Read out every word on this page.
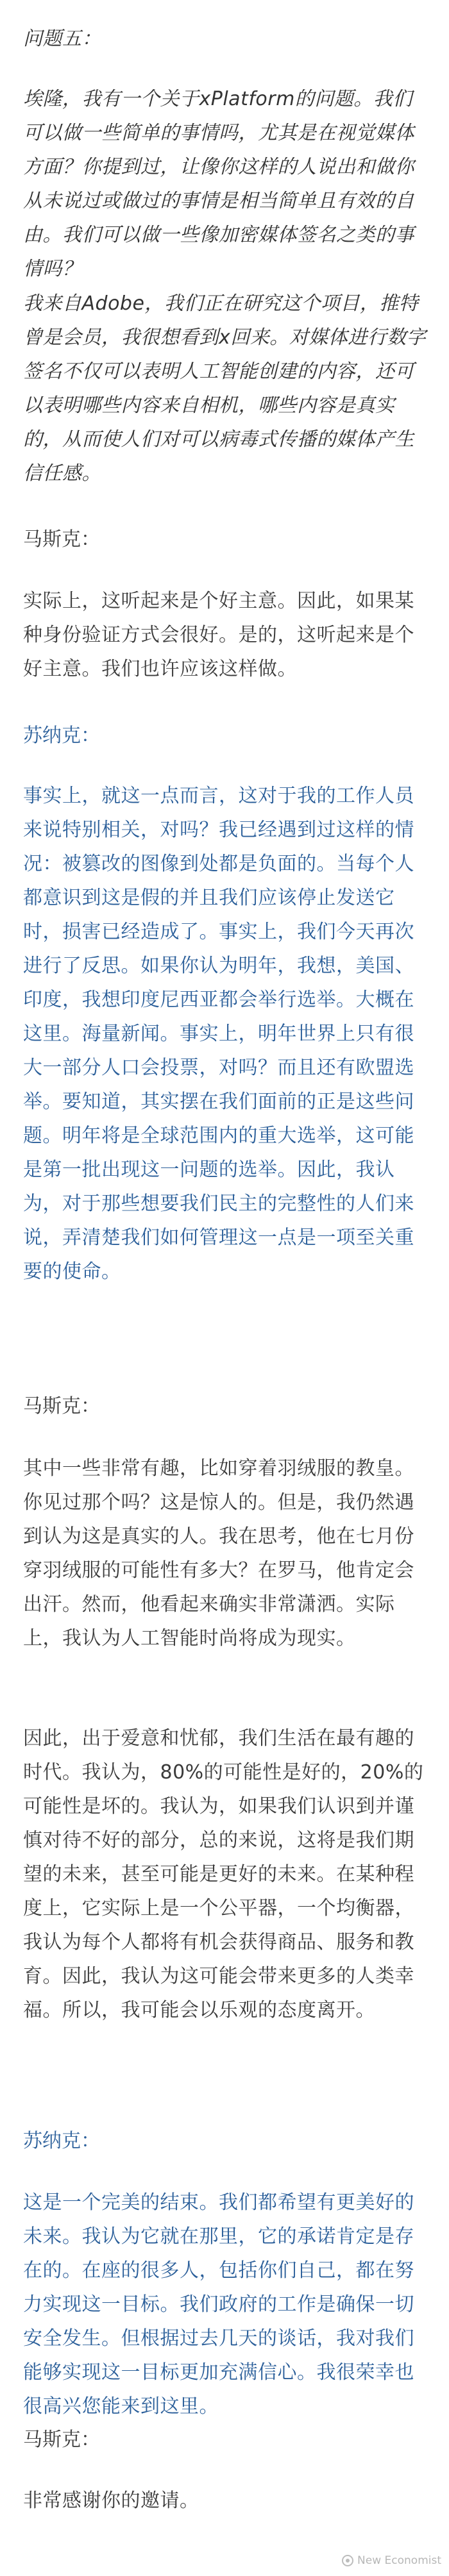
问题五：

埃隆，我有一个关于xPlatform的问题。我们可以做一些简单的事情吗，尤其是在视觉媒体方面？你提到过，让像你这样的人说出和做你从未说过或做过的事情是相当简单且有效的自由。我们可以做一些像加密媒体签名之类的事情吗？

我来自Adobe，我们正在研究这个项目，推特曾是会员，我很想看到x回来。对媒体进行数字签名不仅可以表明人工智能创建的内容，还可以表明哪些内容来自相机，哪些内容是真实的，从而使人们对可以病毒式传播的媒体产生信任感。

马斯克：

实际上，这听起来是个好主意。因此，如果某种身份验证方式会很好。是的，这听起来是个好主意。我们也许应该这样做。

苏纳克：

事实上，就这一点而言，这对于我的工作人员来说特别相关，对吗？我已经遇到过这样的情况：被篡改的图像到处都是负面的。当每个人都意识到这是假的并且我们应该停止发送它时，损害已经造成了。事实上，我们今天再次进行了反思。如果你认为明年，我想，美国、印度，我想印度尼西亚都会举行选举。大概在这里。海量新闻。事实上，明年世界上只有很大一部分人口会投票，对吗？而且还有欧盟选举。要知道，其实摆在我们面前的正是这些问题。明年将是全球范围内的重大选举，这可能是第一批出现这一问题的选举。因此，我认为，对于那些想要我们民主的完整性的人们来说，弄清楚我们如何管理这一点是一项至关重要的使命。

马斯克：

其中一些非常有趣，比如穿着羽绒服的教皇。你见过那个吗？这是惊人的。但是，我仍然遇到认为这是真实的人。我在思考，他在七月份穿羽绒服的可能性有多大？在罗马，他肯定会出汗。然而，他看起来确实非常潇洒。实际上，我认为人工智能时尚将成为现实。

因此，出于爱意和忧郁，我们生活在最有趣的时代。我认为，80%的可能性是好的，20%的可能性是坏的。我认为，如果我们认识到并谨慎对待不好的部分，总的来说，这将是我们期望的未来，甚至可能是更好的未来。在某种程度上，它实际上是一个公平器，一个均衡器，我认为每个人都将有机会获得商品、服务和教育。因此，我认为这可能会带来更多的人类幸福。所以，我可能会以乐观的态度离开。

苏纳克：

这是一个完美的结束。我们都希望有更美好的未来。我认为它就在那里，它的承诺肯定是存在的。在座的很多人，包括你们自己，都在努力实现这一目标。我们政府的工作是确保一切安全发生。但根据过去几天的谈话，我对我们能够实现这一目标更加充满信心。我很荣幸也很高兴您能来到这里。

马斯克：

非常感谢你的邀请。

New Economist
